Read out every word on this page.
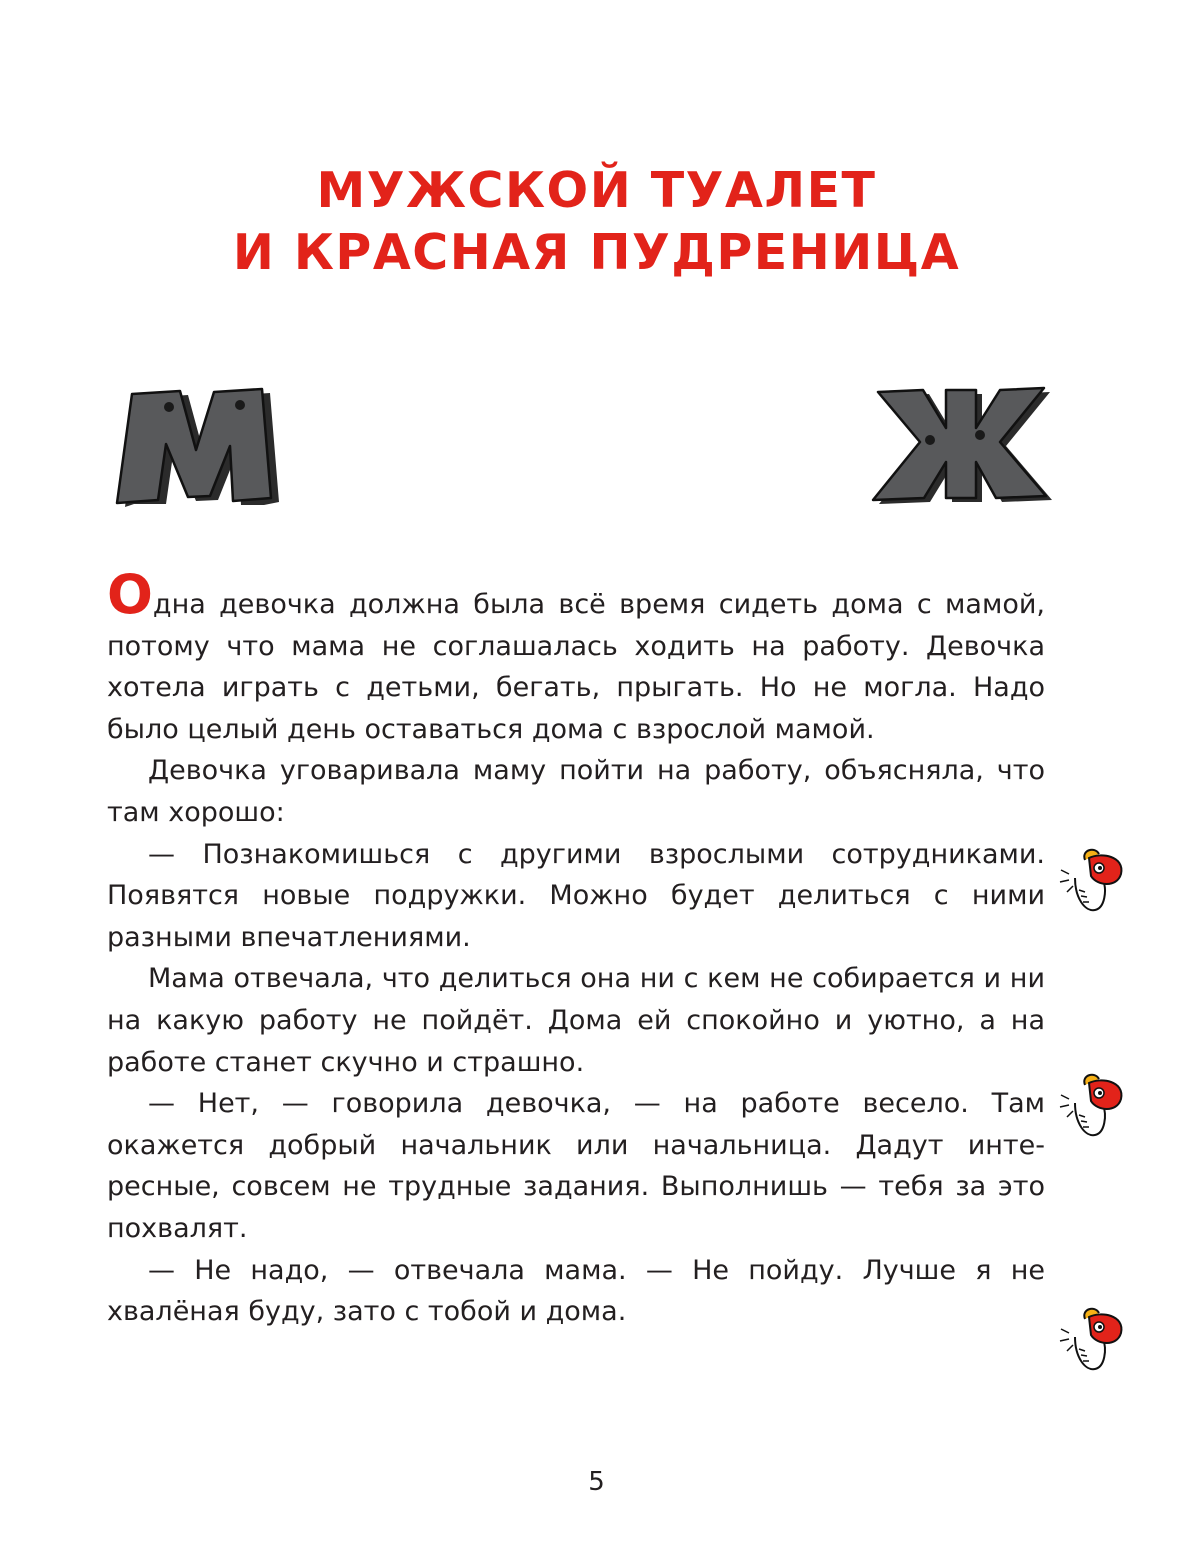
МУЖСКОЙ ТУАЛЕТ
И КРАСНАЯ ПУДРЕНИЦА
М	Ж

Одна девочка должна была всё время сидеть дома с мамой, потому что мама не соглашалась ходить на работу. Девочка хотела играть с детьми, бегать, прыгать. Но не могла. Надо было целый день оставаться дома с взрослой мамой.

Девочка уговаривала маму пойти на работу, объясняла, что там хорошо:

— Познакомишься с другими взрослыми сотрудниками. Появятся новые подружки. Можно будет делиться с ними разными впечатлениями.

Мама отвечала, что делиться она ни с кем не собирается и ни на какую работу не пойдёт. Дома ей спокойно и уютно, а на работе станет скучно и страшно.

— Нет, — говорила девочка, — на работе весело. Там окажется добрый начальник или начальница. Дадут интересные, совсем не трудные задания. Выполнишь — тебя за это похвалят.

— Не надо, — отвечала мама. — Не пойду. Лучше я не хвалёная буду, зато с тобой и дома.

5
